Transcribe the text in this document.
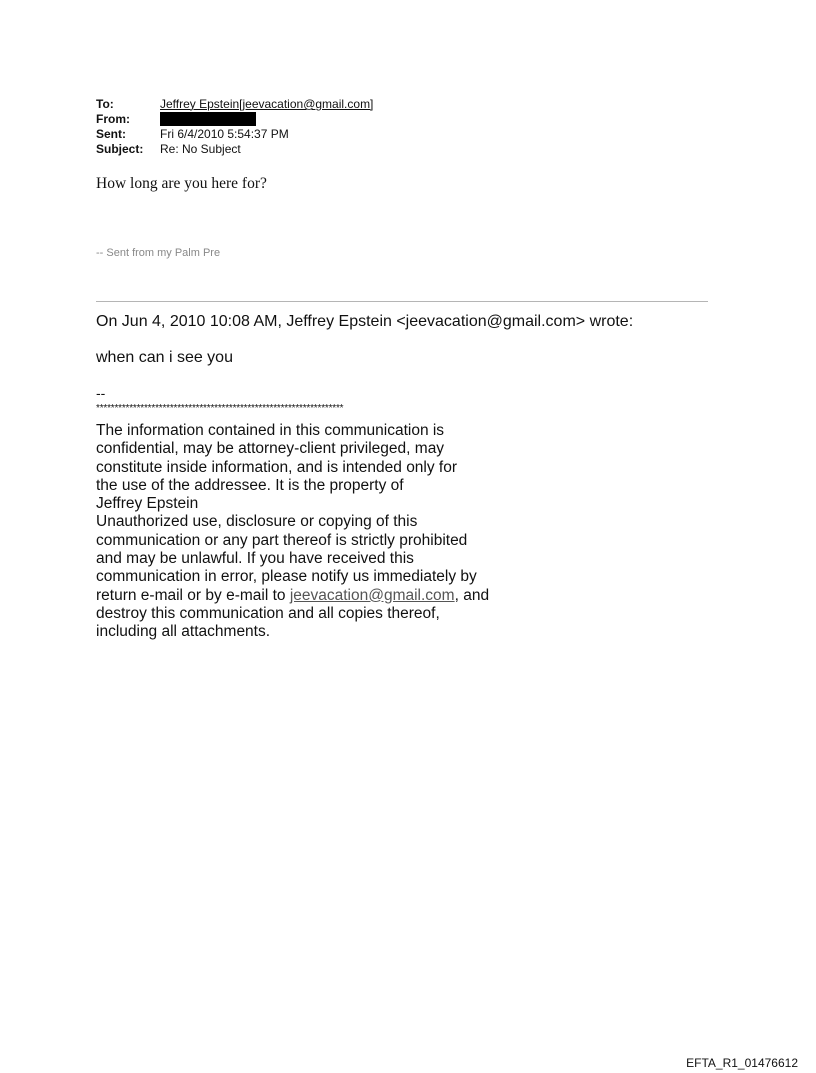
To:	Jeffrey Epstein[jeevacation@gmail.com]
From:
Sent:	Fri 6/4/2010 5:54:37 PM
Subject:	Re: No Subject
How long are you here for?
-- Sent from my Palm Pre
On Jun 4, 2010 10:08 AM, Jeffrey Epstein <jeevacation@gmail.com> wrote:
when can i see you
--
*******************************************************************
The information contained in this communication is
confidential, may be attorney-client privileged, may
constitute inside information, and is intended only for
the use of the addressee. It is the property of
Jeffrey Epstein
Unauthorized use, disclosure or copying of this
communication or any part thereof is strictly prohibited
and may be unlawful. If you have received this
communication in error, please notify us immediately by
return e-mail or by e-mail to jeevacation@gmail.com, and
destroy this communication and all copies thereof,
including all attachments.
EFTA_R1_01476612
